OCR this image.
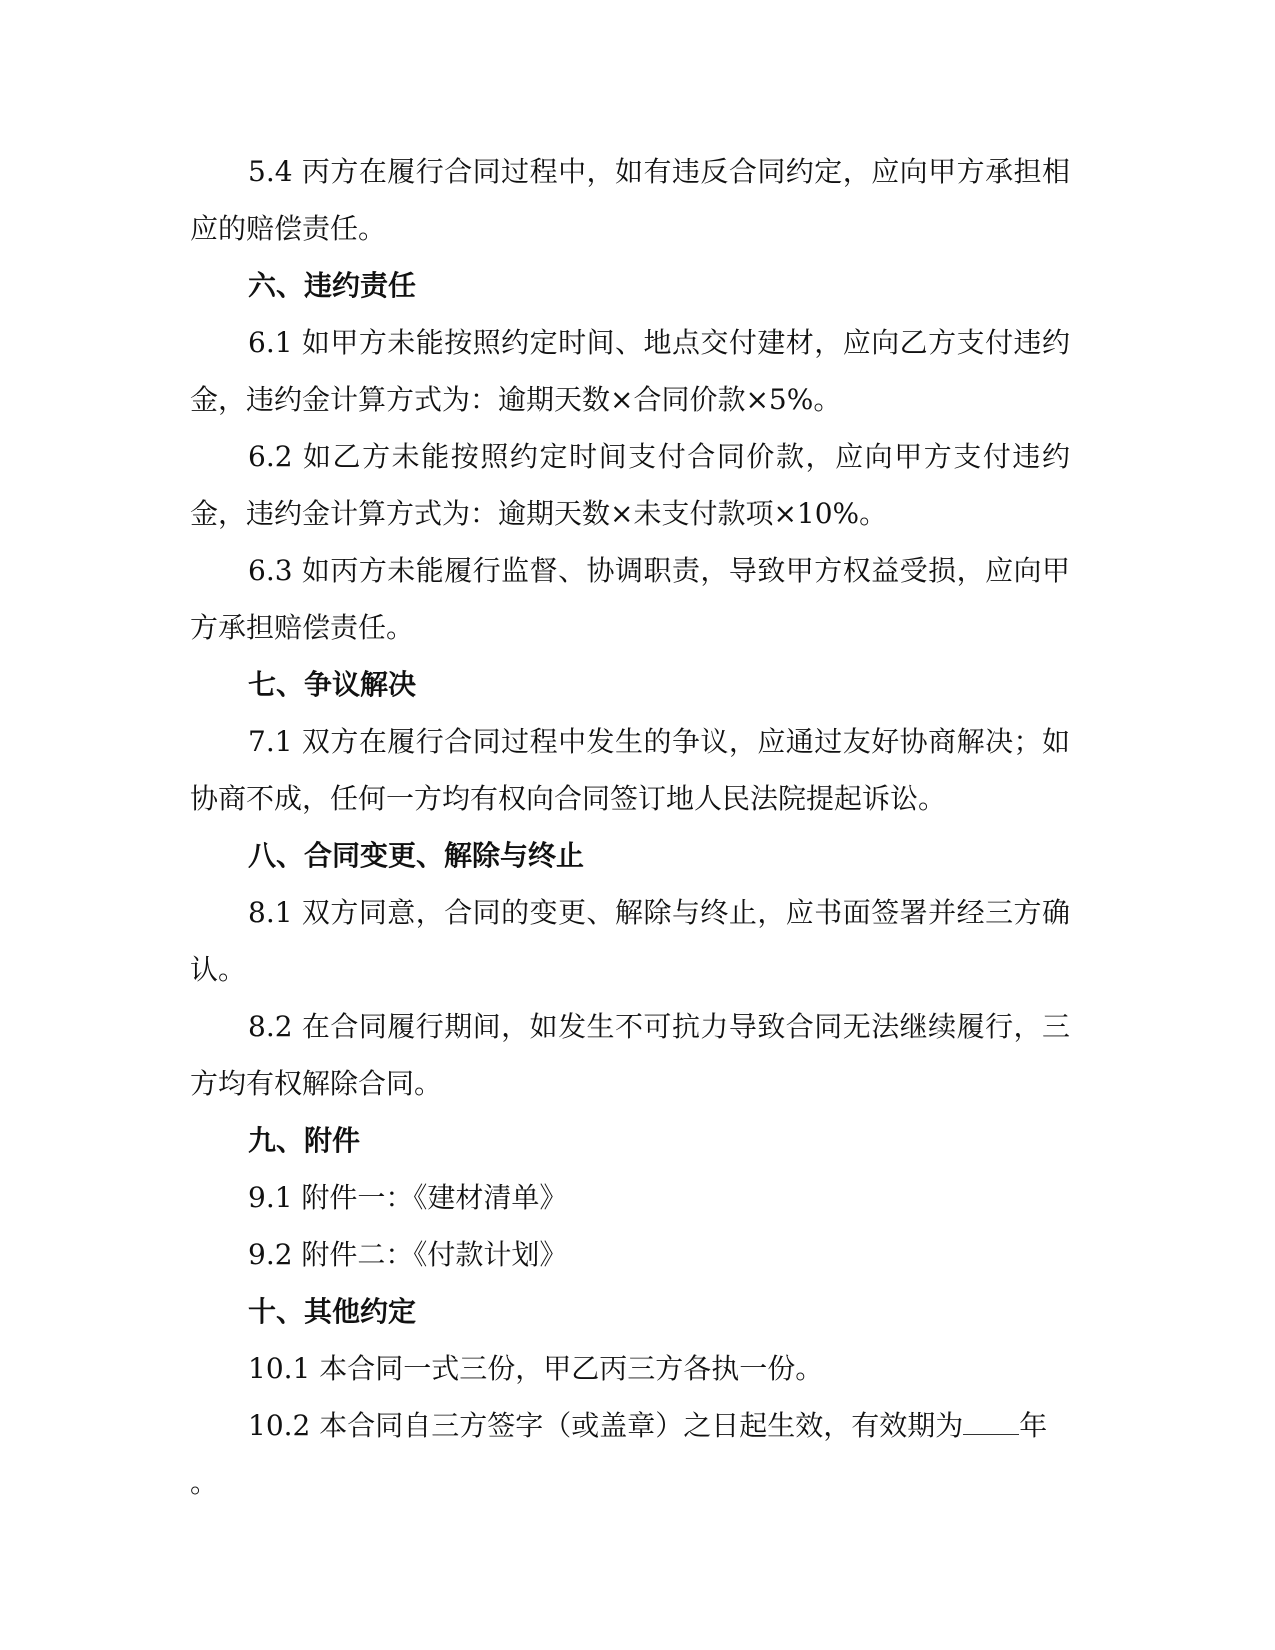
5.4 丙方在履行合同过程中，如有违反合同约定，应向甲方承担相应的赔偿责任。

六、违约责任

6.1 如甲方未能按照约定时间、地点交付建材，应向乙方支付违约金，违约金计算方式为：逾期天数×合同价款×5%。

6.2 如乙方未能按照约定时间支付合同价款，应向甲方支付违约金，违约金计算方式为：逾期天数×未支付款项×10%。

6.3 如丙方未能履行监督、协调职责，导致甲方权益受损，应向甲方承担赔偿责任。

七、争议解决

7.1 双方在履行合同过程中发生的争议，应通过友好协商解决；如协商不成，任何一方均有权向合同签订地人民法院提起诉讼。

八、合同变更、解除与终止

8.1 双方同意，合同的变更、解除与终止，应书面签署并经三方确认。

8.2 在合同履行期间，如发生不可抗力导致合同无法继续履行，三方均有权解除合同。

九、附件

9.1 附件一：《建材清单》

9.2 附件二：《付款计划》

十、其他约定

10.1 本合同一式三份，甲乙丙三方各执一份。

10.2 本合同自三方签字（或盖章）之日起生效，有效期为 年

。
